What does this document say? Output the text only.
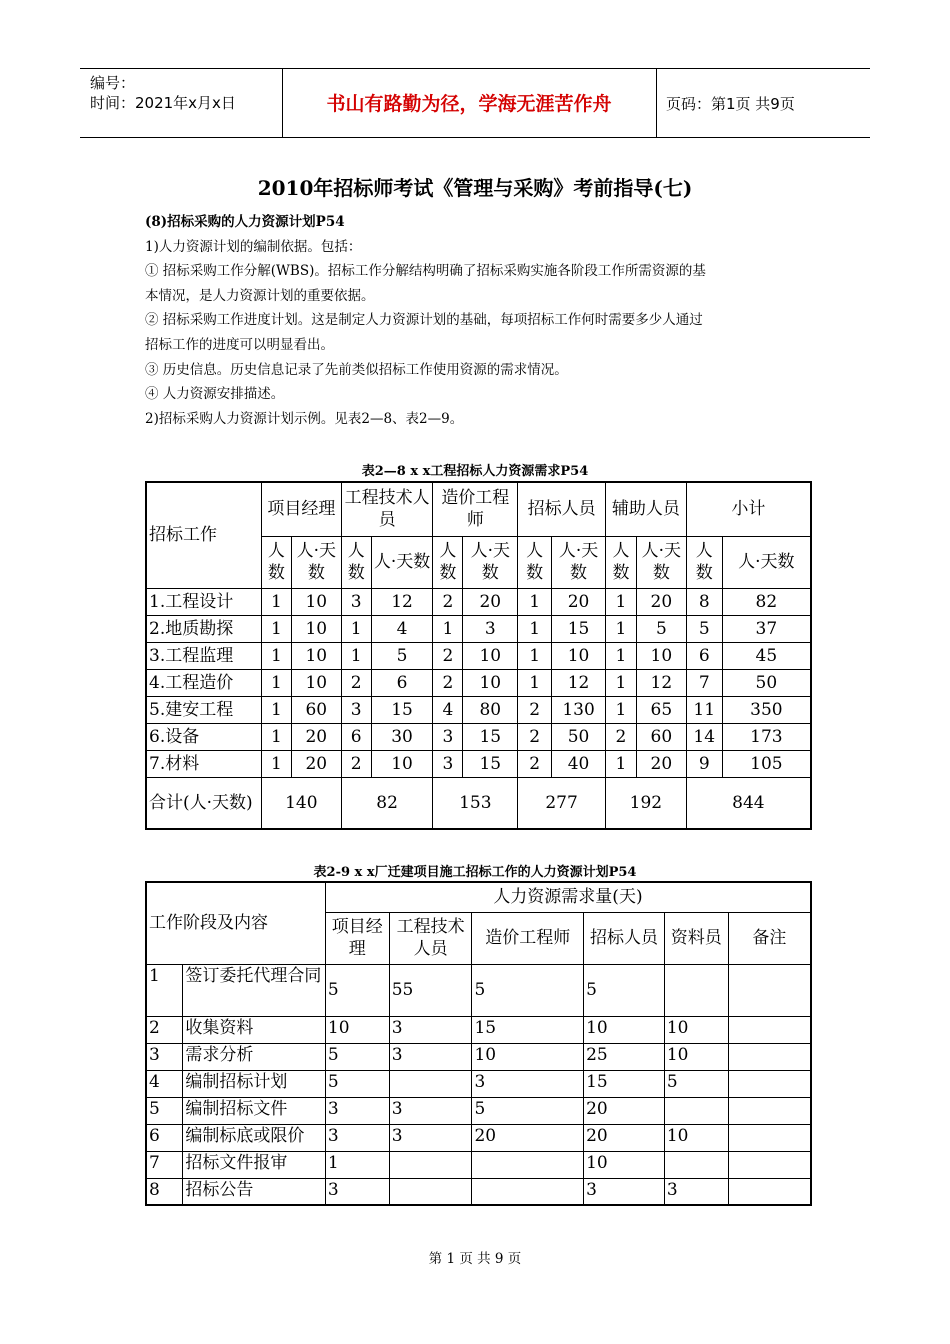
编号：
时间：2021年x月x日	书山有路勤为径，学海无涯苦作舟	页码：第1页 共9页
2010年招标师考试《管理与采购》考前指导(七)
(8)招标采购的人力资源计划P54
1)人力资源计划的编制依据。包括：
① 招标采购工作分解(WBS)。招标工作分解结构明确了招标采购实施各阶段工作所需资源的基
本情况，是人力资源计划的重要依据。
② 招标采购工作进度计划。这是制定人力资源计划的基础，每项招标工作何时需要多少人通过
招标工作的进度可以明显看出。
③ 历史信息。历史信息记录了先前类似招标工作使用资源的需求情况。
④ 人力资源安排描述。
2)招标采购人力资源计划示例。见表2—8、表2—9。
表2—8 x x工程招标人力资源需求P54
招标工作	项目经理		工程技术人员		造价工程师		招标人员		辅助人员		小计	
	人数	人·天数	人数	人·天数	人数	人·天数	人数	人·天数	人数	人·天数	人数	人·天数
1.工程设计	1	10	3	12	2	20	1	20	1	20	8	82
2.地质勘探	1	10	1	4	1	3	1	15	1	5	5	37
3.工程监理	1	10	1	5	2	10	1	10	1	10	6	45
4.工程造价	1	10	2	6	2	10	1	12	1	12	7	50
5.建安工程	1	60	3	15	4	80	2	130	1	65	11	350
6.设备	1	20	6	30	3	15	2	50	2	60	14	173
7.材料	1	20	2	10	3	15	2	40	1	20	9	105
合计(人·天数)	140		82		153		277		192		844	
表2-9 x x厂迁建项目施工招标工作的人力资源计划P54
工作阶段及内容		人力资源需求量(天)					
		项目经理	工程技术人员	造价工程师	招标人员	资料员	备注
1	签订委托代理合同	5	55	5	5		
2	收集资料	10	3	15	10	10	
3	需求分析	5	3	10	25	10	
4	编制招标计划	5		3	15	5	
5	编制招标文件	3	3	5	20		
6	编制标底或限价	3	3	20	20	10	
7	招标文件报审	1			10		
8	招标公告	3			3	3	
第 1 页 共 9 页
